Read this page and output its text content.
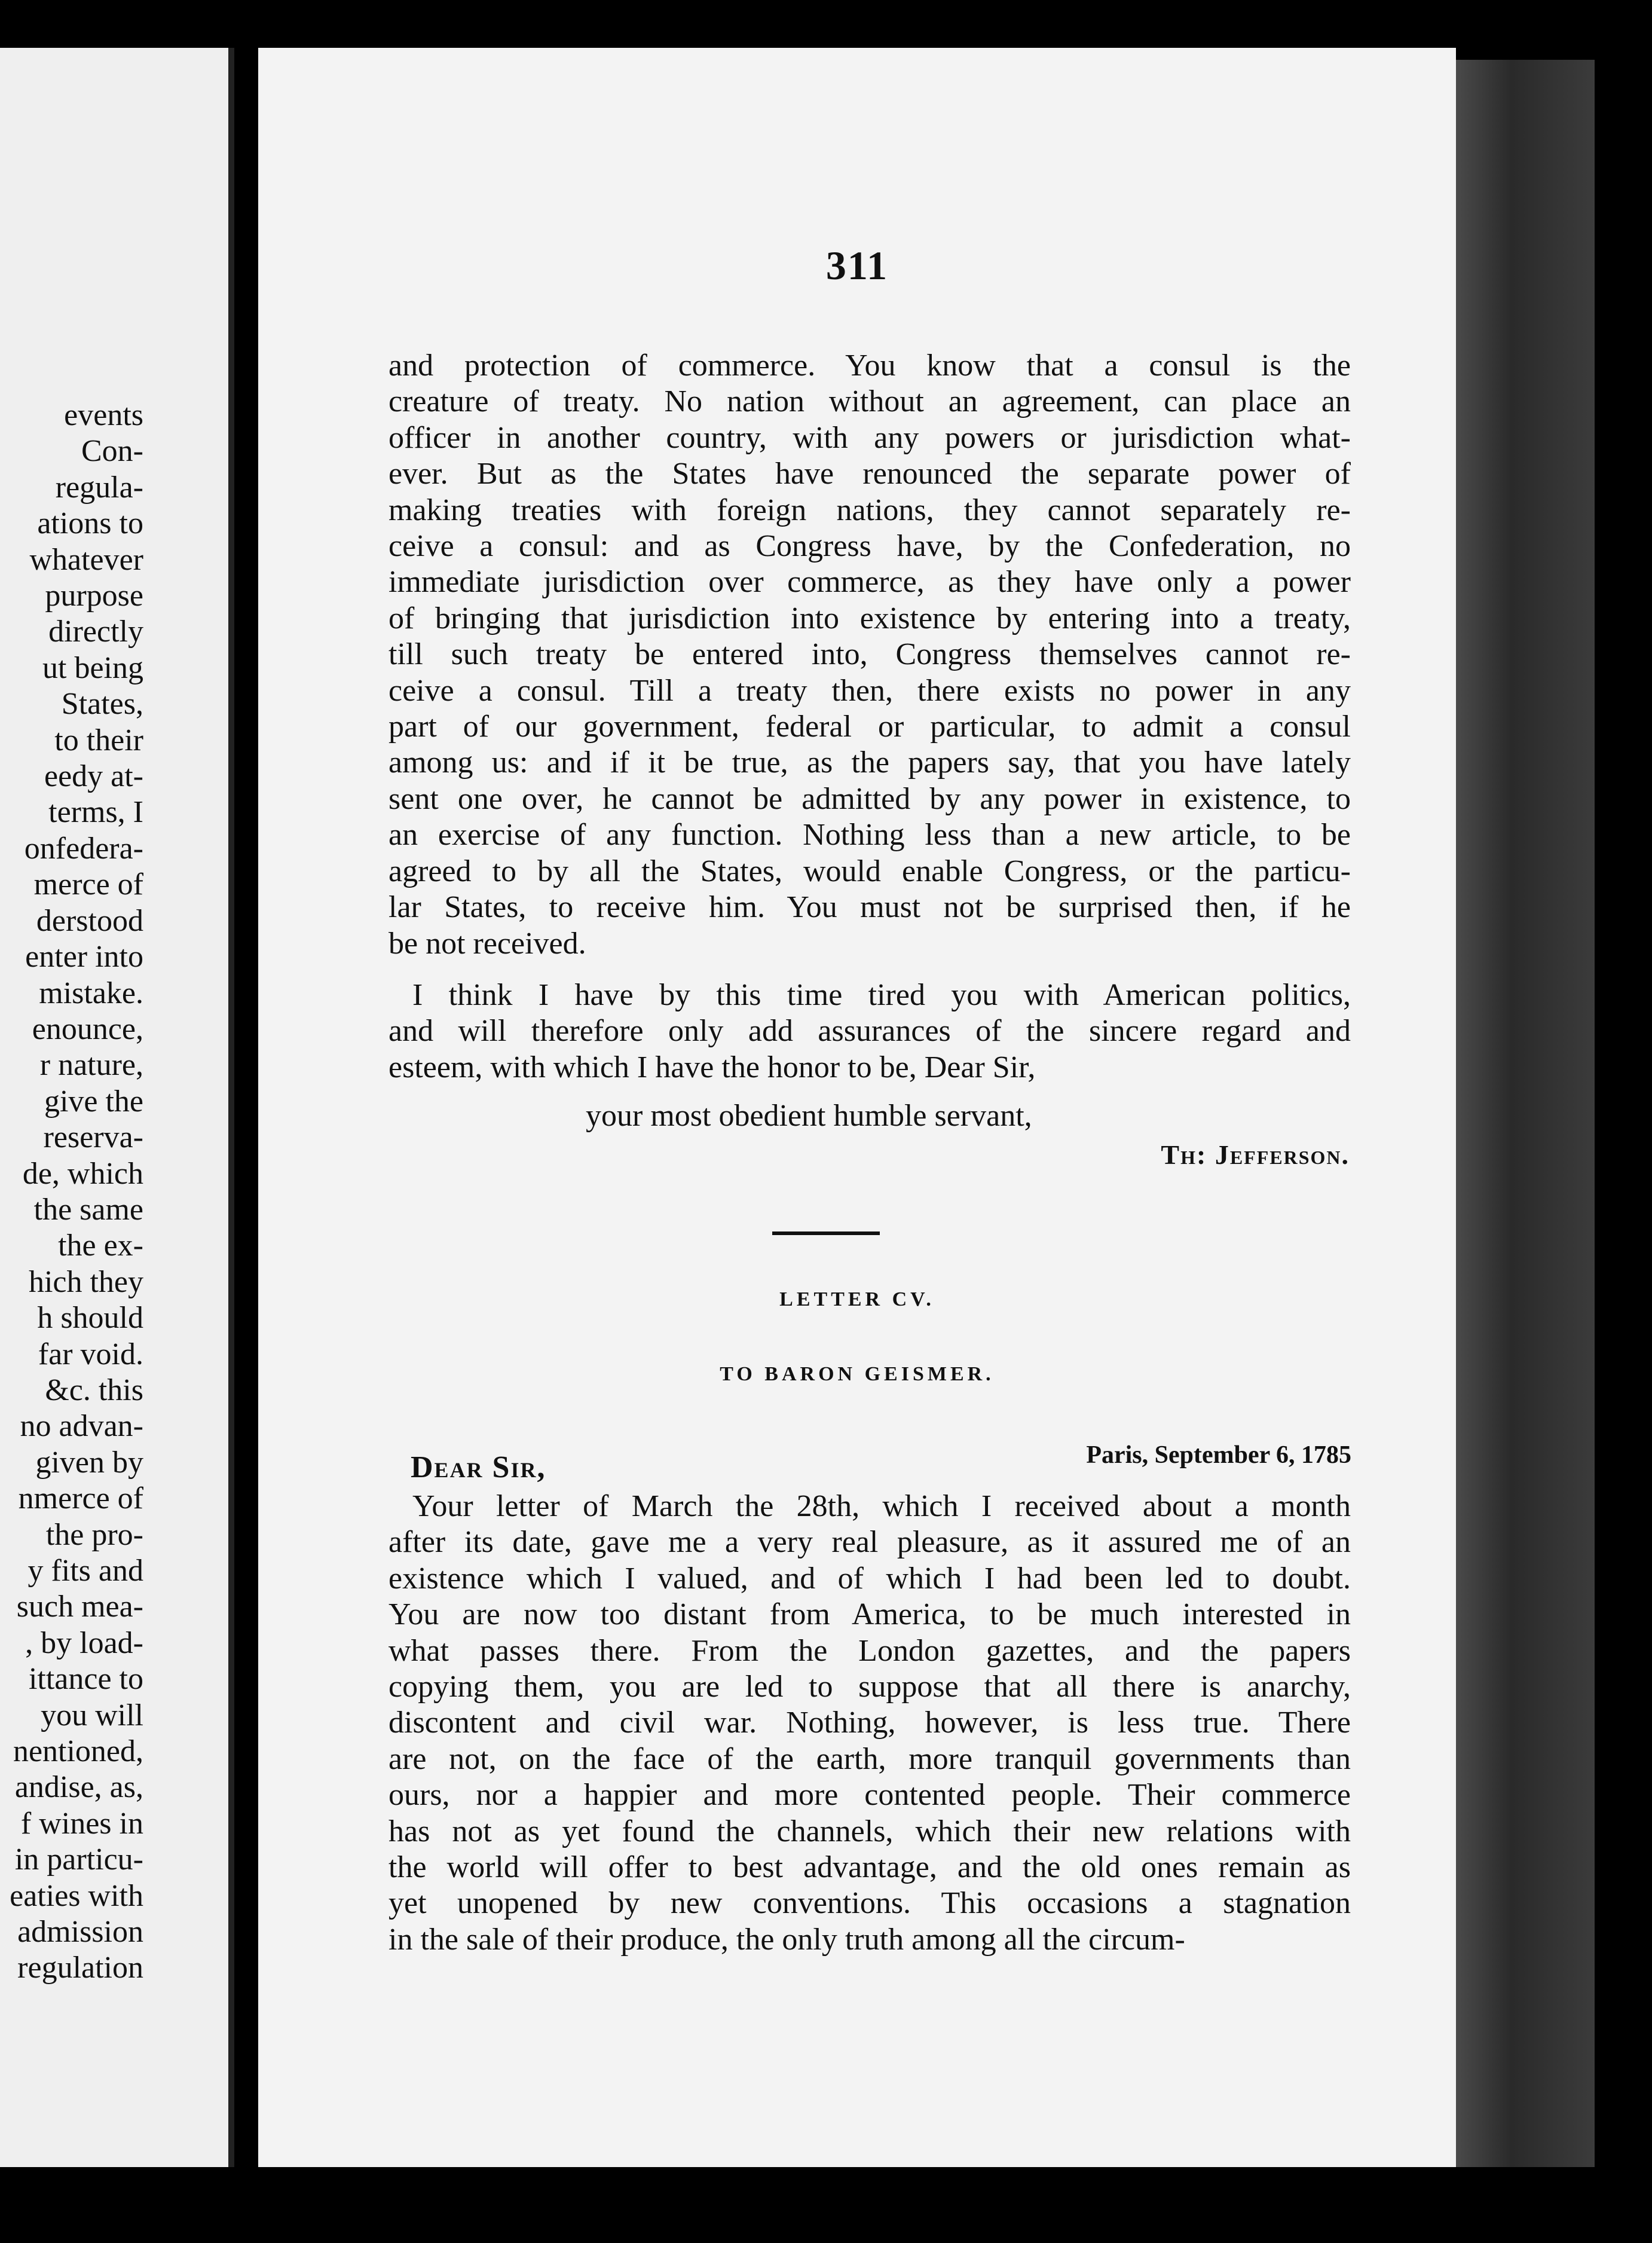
events
Con-
regula-
ations to
whatever
purpose
directly
ut being
States,
to their
eedy at-
terms, I
onfedera-
merce of
derstood
enter into
mistake.
enounce,
r nature,
give the
reserva-
de, which
the same
the ex-
hich they
h should
far void.
&c. this
no advan-
given by
nmerce of
the pro-
y fits and
such mea-
, by load-
ittance to
you will
nentioned,
andise, as,
f wines in
in particu-
eaties with
admission
regulation
311
and protection of commerce. You know that a consul is the
creature of treaty. No nation without an agreement, can place an
officer in another country, with any powers or jurisdiction what-
ever. But as the States have renounced the separate power of
making treaties with foreign nations, they cannot separately re-
ceive a consul: and as Congress have, by the Confederation, no
immediate jurisdiction over commerce, as they have only a power
of bringing that jurisdiction into existence by entering into a treaty,
till such treaty be entered into, Congress themselves cannot re-
ceive a consul. Till a treaty then, there exists no power in any
part of our government, federal or particular, to admit a consul
among us: and if it be true, as the papers say, that you have lately
sent one over, he cannot be admitted by any power in existence, to
an exercise of any function. Nothing less than a new article, to be
agreed to by all the States, would enable Congress, or the particu-
lar States, to receive him. You must not be surprised then, if he
be not received.
I think I have by this time tired you with American politics,
and will therefore only add assurances of the sincere regard and
esteem, with which I have the honor to be, Dear Sir,
your most obedient humble servant,
Th: Jefferson.
LETTER CV.
TO BARON GEISMER.
Paris, September 6, 1785
Dear Sir,
Your letter of March the 28th, which I received about a month
after its date, gave me a very real pleasure, as it assured me of an
existence which I valued, and of which I had been led to doubt.
You are now too distant from America, to be much interested in
what passes there. From the London gazettes, and the papers
copying them, you are led to suppose that all there is anarchy,
discontent and civil war. Nothing, however, is less true. There
are not, on the face of the earth, more tranquil governments than
ours, nor a happier and more contented people. Their commerce
has not as yet found the channels, which their new relations with
the world will offer to best advantage, and the old ones remain as
yet unopened by new conventions. This occasions a stagnation
in the sale of their produce, the only truth among all the circum-
